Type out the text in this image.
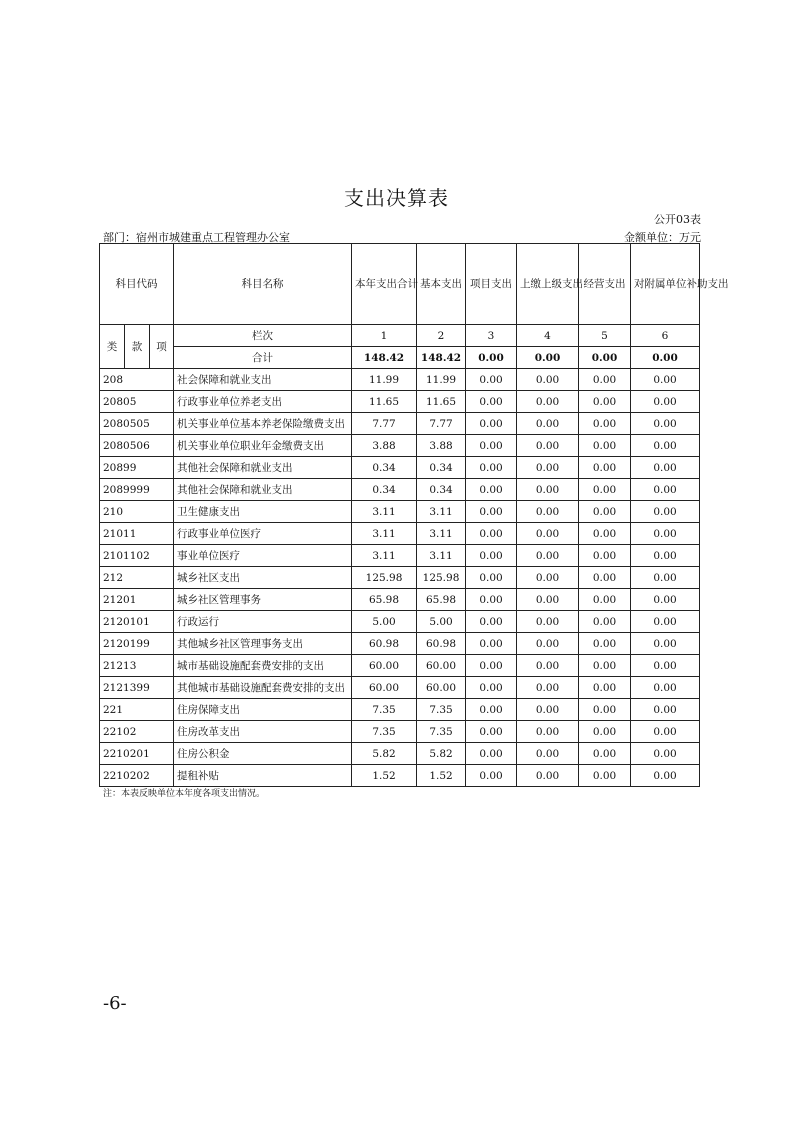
支出决算表
公开03表
部门：宿州市城建重点工程管理办公室	金额单位：万元
科目代码			科目名称	本年支出合计	基本支出	项目支出	上缴上级支出	经营支出	对附属单位补助支出
类	款	项	栏次	1	2	3	4	5	6
			合计	148.42	148.42	0.00	0.00	0.00	0.00
208			社会保障和就业支出	11.99	11.99	0.00	0.00	0.00	0.00
20805			行政事业单位养老支出	11.65	11.65	0.00	0.00	0.00	0.00
2080505			机关事业单位基本养老保险缴费支出	7.77	7.77	0.00	0.00	0.00	0.00
2080506			机关事业单位职业年金缴费支出	3.88	3.88	0.00	0.00	0.00	0.00
20899			其他社会保障和就业支出	0.34	0.34	0.00	0.00	0.00	0.00
2089999			其他社会保障和就业支出	0.34	0.34	0.00	0.00	0.00	0.00
210			卫生健康支出	3.11	3.11	0.00	0.00	0.00	0.00
21011			行政事业单位医疗	3.11	3.11	0.00	0.00	0.00	0.00
2101102			事业单位医疗	3.11	3.11	0.00	0.00	0.00	0.00
212			城乡社区支出	125.98	125.98	0.00	0.00	0.00	0.00
21201			城乡社区管理事务	65.98	65.98	0.00	0.00	0.00	0.00
2120101			行政运行	5.00	5.00	0.00	0.00	0.00	0.00
2120199			其他城乡社区管理事务支出	60.98	60.98	0.00	0.00	0.00	0.00
21213			城市基础设施配套费安排的支出	60.00	60.00	0.00	0.00	0.00	0.00
2121399			其他城市基础设施配套费安排的支出	60.00	60.00	0.00	0.00	0.00	0.00
221			住房保障支出	7.35	7.35	0.00	0.00	0.00	0.00
22102			住房改革支出	7.35	7.35	0.00	0.00	0.00	0.00
2210201			住房公积金	5.82	5.82	0.00	0.00	0.00	0.00
2210202			提租补贴	1.52	1.52	0.00	0.00	0.00	0.00
注：本表反映单位本年度各项支出情况。
-6-
